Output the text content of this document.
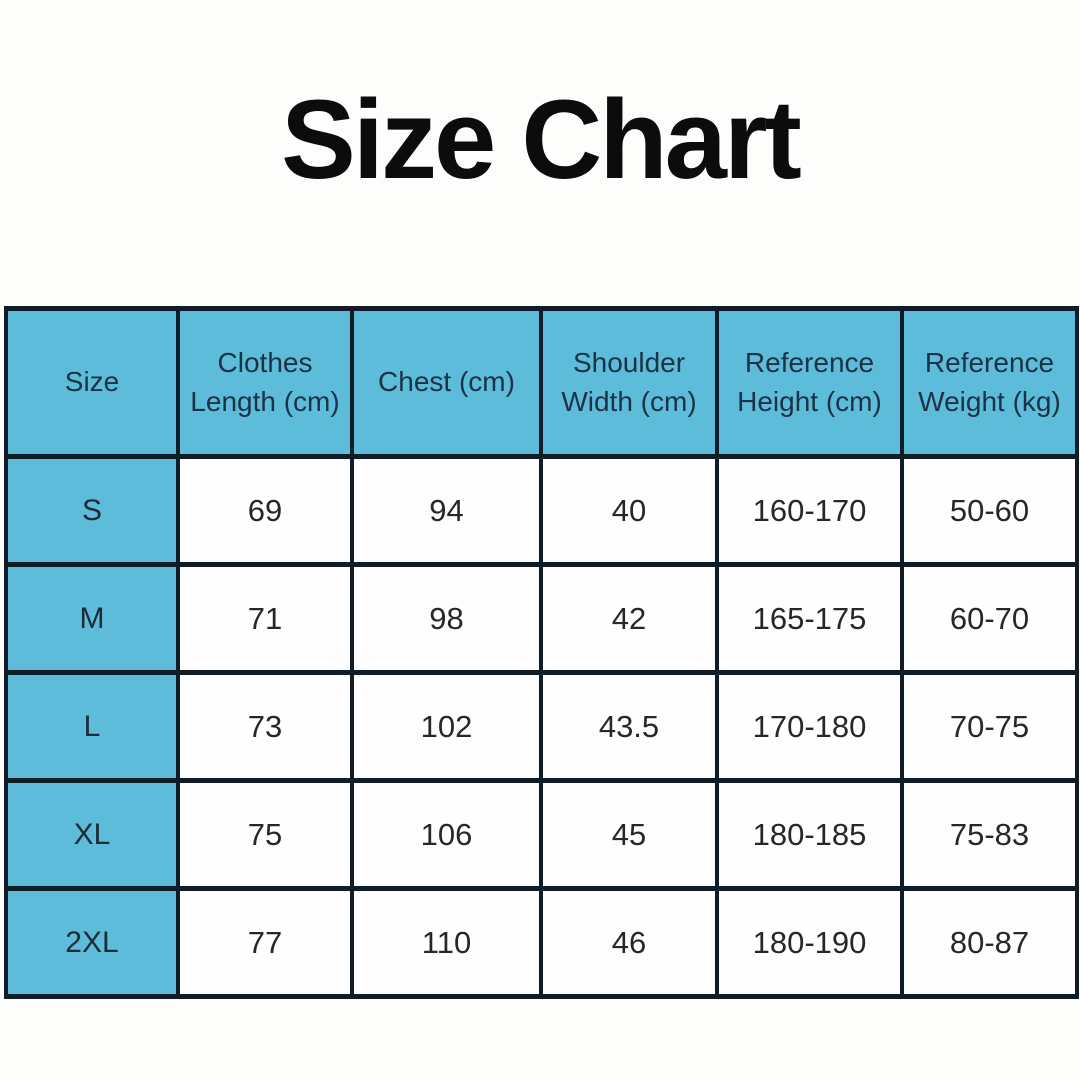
Size Chart
Size	Clothes Length (cm)	Chest (cm)	Shoulder Width (cm)	Reference Height (cm)	Reference Weight (kg)
S	69	94	40	160-170	50-60
M	71	98	42	165-175	60-70
L	73	102	43.5	170-180	70-75
XL	75	106	45	180-185	75-83
2XL	77	110	46	180-190	80-87
